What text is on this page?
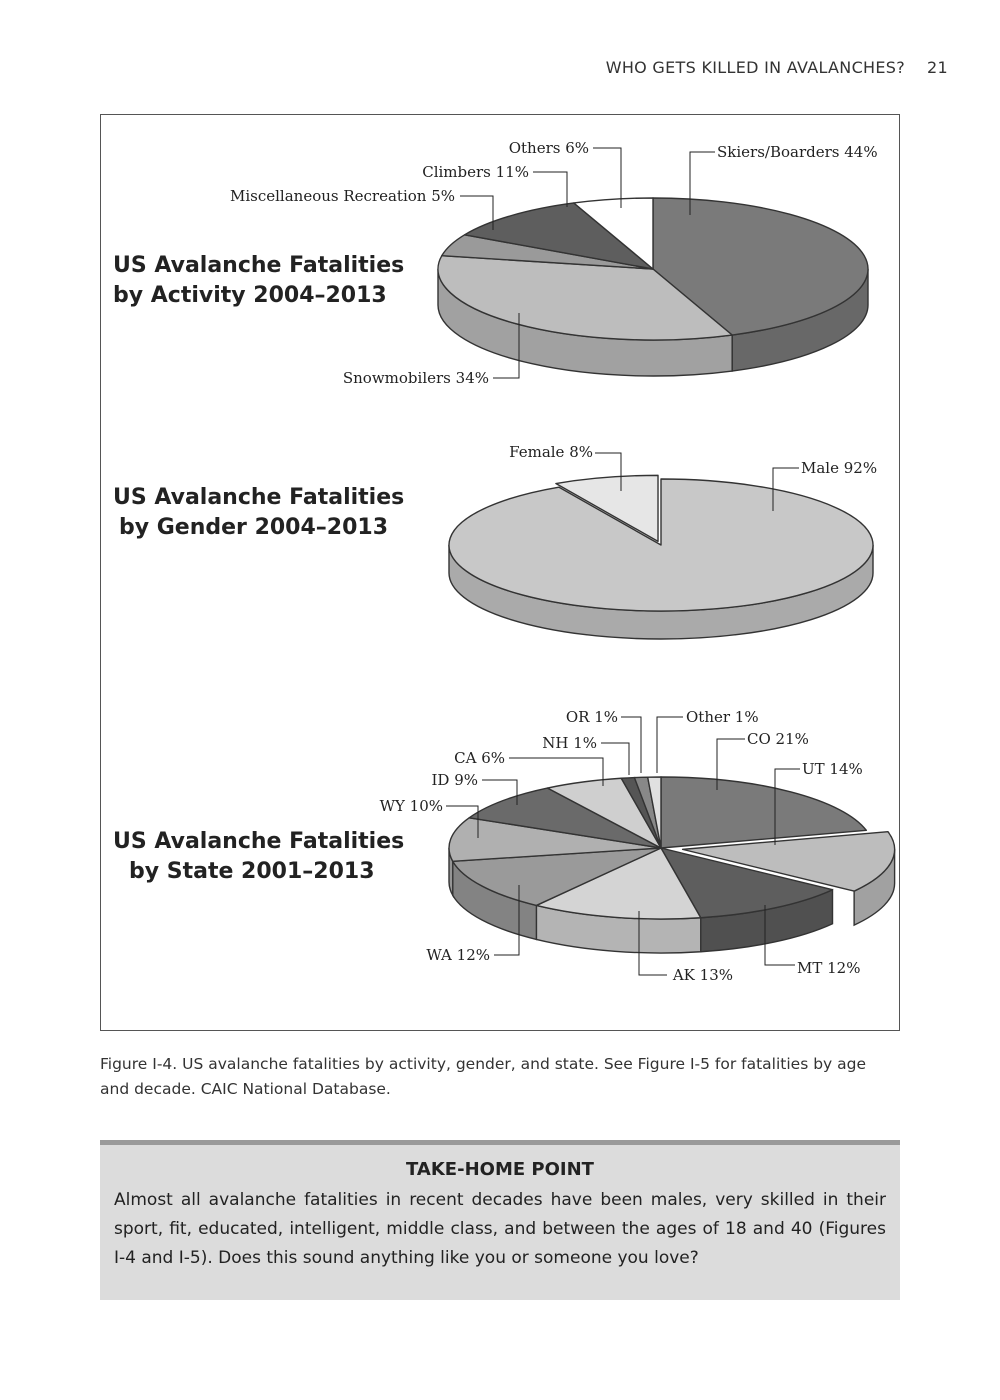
WHO GETS KILLED IN AVALANCHES? 21
Skiers/Boarders 44%
Snowmobilers 34%
Miscellaneous Recreation 5%
Climbers 11%
Others 6%
Male 92%
Female 8%
CO 21%
UT 14%
MT 12%
AK 13%
WA 12%
WY 10%
ID 9%
CA 6%
NH 1%
OR 1%	Other 1%
US Avalanche Fatalities
by Activity 2004–2013
US Avalanche Fatalities
by Gender 2004–2013
US Avalanche Fatalities
by State 2001–2013
Figure I-4. US avalanche fatalities by activity, gender, and state. See Figure I-5 for fatalities by age and decade. CAIC National Database.
TAKE-HOME POINT
Almost all avalanche fatalities in recent decades have been males, very skilled in their sport, fit, educated, intelligent, middle class, and between the ages of 18 and 40 (Figures I-4 and I-5). Does this sound anything like you or someone you love?
